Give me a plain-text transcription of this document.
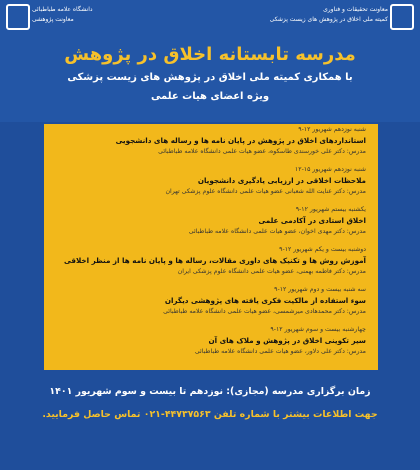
دانشگاه علامه طباطبائی
معاونت پژوهشی
معاونت تحقیقات و فناوری
کمیته ملی اخلاق در پژوهش های زیست پزشکی
مدرسه تابستانه اخلاق در پژوهش
با همکاری کمیته ملی اخلاق در پژوهش های زیست پزشکی
ویژه اعضای هیات علمی
شنبه نوزدهم شهریور ۱۲-۹
استانداردهای اخلاق در پژوهش در پایان نامه ها و رساله های دانشجویی
مدرس: دکتر علی خورسندی طاسکوه، عضو هیات علمی دانشگاه علامه طباطبائی
شنبه نوزدهم شهریور ۱۵-۱۲
ملاحظات اخلاقی در ارزیابی یادگیری دانشجویان
مدرس: دکتر عنایت الله شعبانی عضو هیات علمی دانشگاه علوم پزشکی تهران
یکشنبه بیستم شهریور ۱۲-۹
اخلاق استادی در آکادمی علمی
مدرس: دکتر مهدی اخوان، عضو هیات علمی دانشگاه علامه طباطبائی
دوشنبه بیست و یکم شهریور ۱۲-۹
آموزش روش ها و تکنیک های داوری مقالات، رساله ها و پایان نامه ها از منظر اخلاقی
مدرس: دکتر فاطمه بهمنی، عضو هیات علمی دانشگاه علوم پزشکی ایران
سه شنبه بیست و دوم شهریور ۱۲-۹
سوء استفاده از مالکیت فکری یافته های پژوهشی دیگران
مدرس: دکتر محمدهادی میرشمسی، عضو هیات علمی دانشگاه علامه طباطبائی
چهارشنبه بیست و سوم شهریور ۱۲-۹
سیر تکوینی اخلاق در پژوهش و ملاک های آن
مدرس: دکتر علی دلاور، عضو هیات علمی دانشگاه علامه طباطبائی
زمان برگزاری مدرسه (مجازی): نوزدهم تا بیست و سوم شهریور ۱۴۰۱
جهت اطلاعات بیشتر با شماره تلفن ۴۴۷۳۷۵۶۳-۰۲۱ تماس حاصل فرمایید.
